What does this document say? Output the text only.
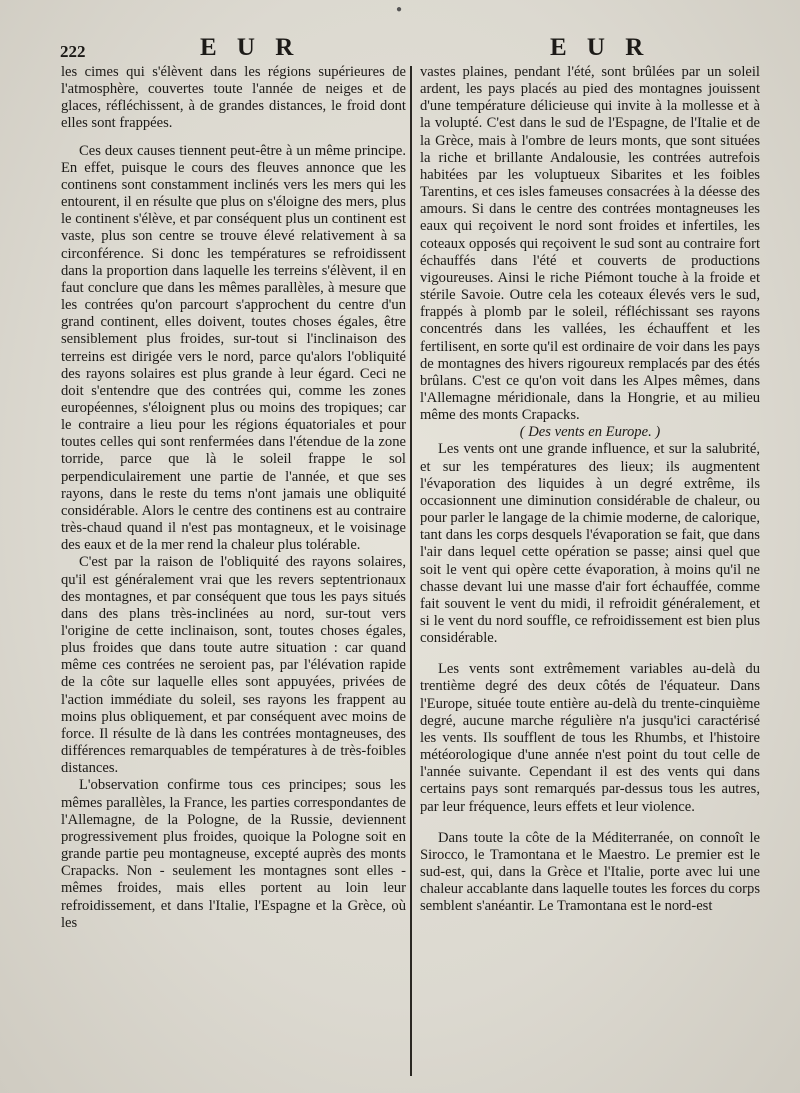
●
222	E U R	E U R

les cimes qui s'élèvent dans les régions supérieures de l'atmosphère, couvertes toute l'année de neiges et de glaces, réfléchissent, à de grandes distances, le froid dont elles sont frappées.

Ces deux causes tiennent peut-être à un même principe. En effet, puisque le cours des fleuves annonce que les continens sont constamment inclinés vers les mers qui les entourent, il en résulte que plus on s'éloigne des mers, plus le continent s'élève, et par conséquent plus un continent est vaste, plus son centre se trouve élevé relativement à sa circonférence. Si donc les températures se refroidissent dans la proportion dans laquelle les terreins s'élèvent, il en faut conclure que dans les mêmes parallèles, à mesure que les contrées qu'on parcourt s'approchent du centre d'un grand continent, elles doivent, toutes choses égales, être sensiblement plus froides, sur-tout si l'inclinaison des terreins est dirigée vers le nord, parce qu'alors l'obliquité des rayons solaires est plus grande à leur égard. Ceci ne doit s'entendre que des contrées qui, comme les zones européennes, s'éloignent plus ou moins des tropiques; car le contraire a lieu pour les régions équatoriales et pour toutes celles qui sont renfermées dans l'étendue de la zone torride, parce que là le soleil frappe le sol perpendiculairement une partie de l'année, et que ses rayons, dans le reste du tems n'ont jamais une obliquité considérable. Alors le centre des continens est au contraire très-chaud quand il n'est pas montagneux, et le voisinage des eaux et de la mer rend la chaleur plus tolérable.

C'est par la raison de l'obliquité des rayons solaires, qu'il est généralement vrai que les revers septentrionaux des montagnes, et par conséquent que tous les pays situés dans des plans très-inclinées au nord, sur-tout vers l'origine de cette inclinaison, sont, toutes choses égales, plus froides que dans toute autre situation : car quand même ces contrées ne seroient pas, par l'élévation rapide de la côte sur laquelle elles sont appuyées, privées de l'action immédiate du soleil, ses rayons les frappent au moins plus obliquement, et par conséquent avec moins de force. Il résulte de là dans les contrées montagneuses, des différences remarquables de températures à de très-foibles distances.

L'observation confirme tous ces principes; sous les mêmes parallèles, la France, les parties correspondantes de l'Allemagne, de la Pologne, de la Russie, deviennent progressivement plus froides, quoique la Pologne soit en grande partie peu montagneuse, excepté auprès des monts Crapacks. Non - seulement les montagnes sont elles - mêmes froides, mais elles portent au loin leur refroidissement, et dans l'Italie, l'Espagne et la Grèce, où les

vastes plaines, pendant l'été, sont brûlées par un soleil ardent, les pays placés au pied des montagnes jouissent d'une température délicieuse qui invite à la mollesse et à la volupté. C'est dans le sud de l'Espagne, de l'Italie et de la Grèce, mais à l'ombre de leurs monts, que sont situées la riche et brillante Andalousie, les contrées autrefois habitées par les voluptueux Sibarites et les foibles Tarentins, et ces isles fameuses consacrées à la déesse des amours. Si dans le centre des contrées montagneuses les eaux qui reçoivent le nord sont froides et infertiles, les coteaux opposés qui reçoivent le sud sont au contraire fort échauffés dans l'été et couverts de productions vigoureuses. Ainsi le riche Piémont touche à la froide et stérile Savoie. Outre cela les coteaux élevés vers le sud, frappés à plomb par le soleil, réfléchissant ses rayons concentrés dans les vallées, les échauffent et les fertilisent, en sorte qu'il est ordinaire de voir dans les pays de montagnes des hivers rigoureux remplacés par des étés brûlans. C'est ce qu'on voit dans les Alpes mêmes, dans l'Allemagne méridionale, dans la Hongrie, et au milieu même des monts Crapacks.

( Des vents en Europe. )

Les vents ont une grande influence, et sur la salubrité, et sur les températures des lieux; ils augmentent l'évaporation des liquides à un degré extrême, ils occasionnent une diminution considérable de chaleur, ou pour parler le langage de la chimie moderne, de calorique, tant dans les corps desquels l'évaporation se fait, que dans l'air dans lequel cette opération se passe; ainsi quel que soit le vent qui opère cette évaporation, à moins qu'il ne chasse devant lui une masse d'air fort échauffée, comme fait souvent le vent du midi, il refroidit généralement, et si le vent du nord souffle, ce refroidissement est bien plus considérable.

Les vents sont extrêmement variables au-delà du trentième degré des deux côtés de l'équateur. Dans l'Europe, située toute entière au-delà du trente-cinquième degré, aucune marche régulière n'a jusqu'ici caractérisé les vents. Ils soufflent de tous les Rhumbs, et l'histoire météorologique d'une année n'est point du tout celle de l'année suivante. Cependant il est des vents qui dans certains pays sont remarqués par-dessus tous les autres, par leur fréquence, leurs effets et leur violence.

Dans toute la côte de la Méditerranée, on connoît le Sirocco, le Tramontana et le Maestro. Le premier est le sud-est, qui, dans la Grèce et l'Italie, porte avec lui une chaleur accablante dans laquelle toutes les forces du corps semblent s'anéantir. Le Tramontana est le nord-est
